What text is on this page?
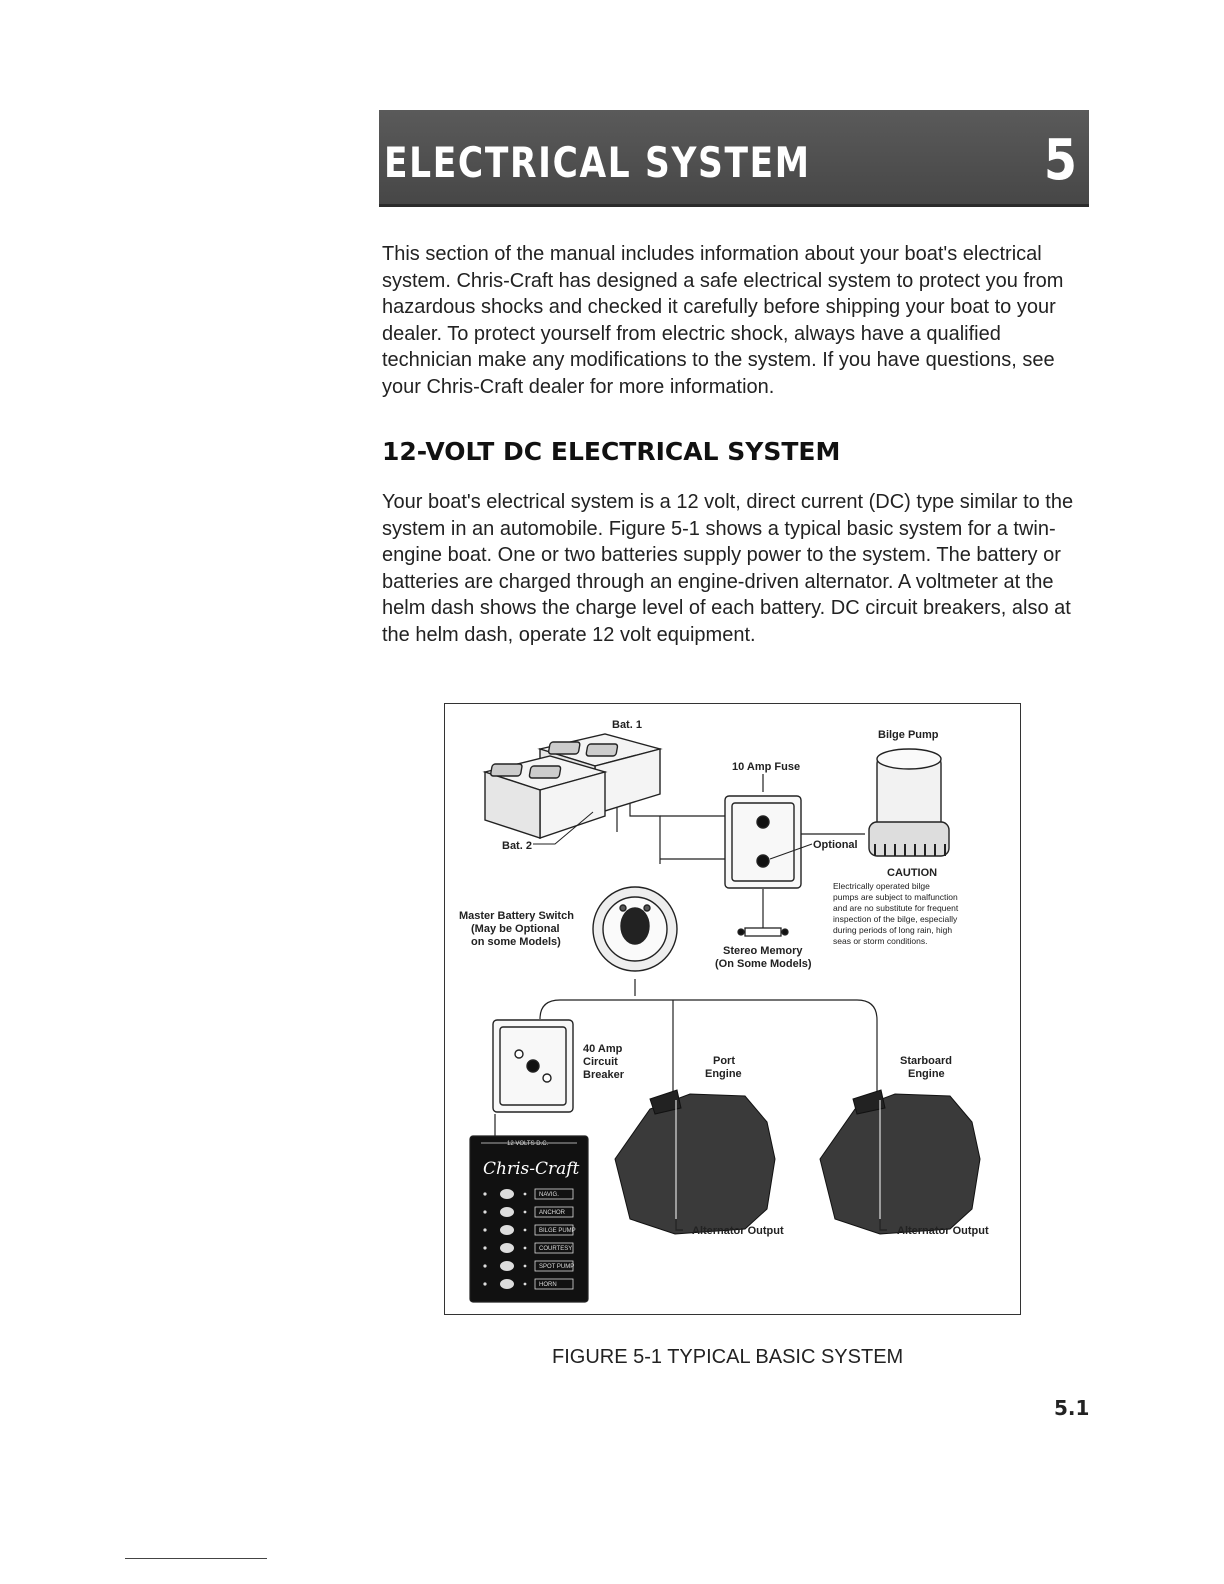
ELECTRICAL SYSTEM	5
This section of the manual includes information about your boat's electrical system. Chris-Craft has designed a safe electrical system to protect you from hazardous shocks and checked it carefully before shipping your boat to your dealer. To protect yourself from electric shock, always have a qualified technician make any modifications to the system. If you have questions, see your Chris-Craft dealer for more information.
12-VOLT DC ELECTRICAL SYSTEM
Your boat's electrical system is a 12 volt, direct current (DC) type similar to the system in an automobile. Figure 5-1 shows a typical basic system for a twin-engine boat. One or two batteries supply power to the system. The battery or batteries are charged through an engine-driven alternator. A voltmeter at the helm dash shows the charge level of each battery. DC circuit breakers, also at the helm dash, operate 12 volt equipment.
Bat. 1
Bat. 2
10 Amp Fuse
Optional
Bilge Pump
CAUTION
Electrically operated bilge
pumps are subject to malfunction
and are no substitute for frequent
inspection of the bilge, especially
during periods of long rain, high
seas or storm conditions.
Master Battery Switch
(May be Optional
on some Models)
Stereo Memory
(On Some Models)
40 Amp
Circuit
Breaker
Port
Engine
Starboard
Engine
Alternator Output	Alternator Output
12 VOLTS D.C.
Chris-Craft
NAVIG.
ANCHOR
BILGE PUMP
COURTESY
SPOT PUMP
HORN
FIGURE 5-1 TYPICAL BASIC SYSTEM
5.1
